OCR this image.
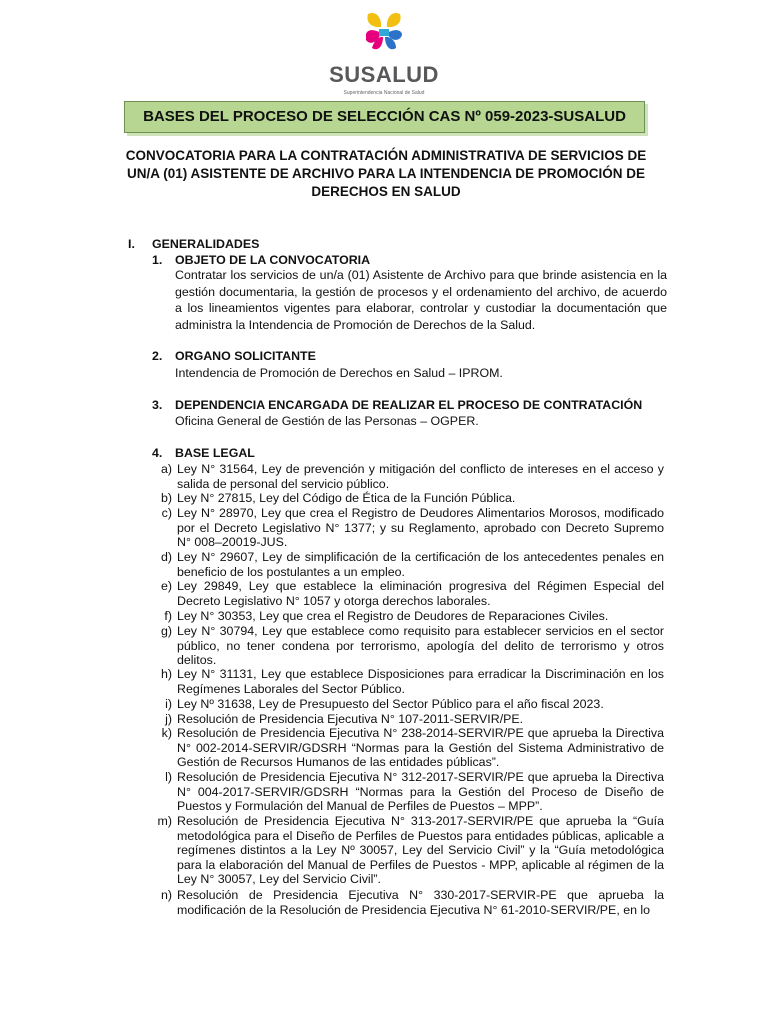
SUSALUD
Superintendencia Nacional de Salud
BASES DEL PROCESO DE SELECCIÓN CAS Nº 059-2023-SUSALUD
CONVOCATORIA PARA LA CONTRATACIÓN ADMINISTRATIVA DE SERVICIOS DE UN/A (01) ASISTENTE DE ARCHIVO PARA LA INTENDENCIA DE PROMOCIÓN DE DERECHOS EN SALUD
I. GENERALIDADES
1. OBJETO DE LA CONVOCATORIA
Contratar los servicios de un/a (01) Asistente de Archivo para que brinde asistencia en la gestión documentaria, la gestión de procesos y el ordenamiento del archivo, de acuerdo a los lineamientos vigentes para elaborar, controlar y custodiar la documentación que administra la Intendencia de Promoción de Derechos de la Salud.
2. ORGANO SOLICITANTE
Intendencia de Promoción de Derechos en Salud – IPROM.
3. DEPENDENCIA ENCARGADA DE REALIZAR EL PROCESO DE CONTRATACIÓN
Oficina General de Gestión de las Personas – OGPER.
4. BASE LEGAL
a) Ley N° 31564, Ley de prevención y mitigación del conflicto de intereses en el acceso y salida de personal del servicio público.
b) Ley N° 27815, Ley del Código de Ética de la Función Pública.
c) Ley N° 28970, Ley que crea el Registro de Deudores Alimentarios Morosos, modificado por el Decreto Legislativo N° 1377; y su Reglamento, aprobado con Decreto Supremo N° 008–20019-JUS.
d) Ley N° 29607, Ley de simplificación de la certificación de los antecedentes penales en beneficio de los postulantes a un empleo.
e) Ley 29849, Ley que establece la eliminación progresiva del Régimen Especial del Decreto Legislativo N° 1057 y otorga derechos laborales.
f) Ley N° 30353, Ley que crea el Registro de Deudores de Reparaciones Civiles.
g) Ley N° 30794, Ley que establece como requisito para establecer servicios en el sector público, no tener condena por terrorismo, apología del delito de terrorismo y otros delitos.
h) Ley N° 31131, Ley que establece Disposiciones para erradicar la Discriminación en los Regímenes Laborales del Sector Público.
i) Ley Nº 31638, Ley de Presupuesto del Sector Público para el año fiscal 2023.
j) Resolución de Presidencia Ejecutiva N° 107-2011-SERVIR/PE.
k) Resolución de Presidencia Ejecutiva N° 238-2014-SERVIR/PE que aprueba la Directiva N° 002-2014-SERVIR/GDSRH “Normas para la Gestión del Sistema Administrativo de Gestión de Recursos Humanos de las entidades públicas”.
l) Resolución de Presidencia Ejecutiva N° 312-2017-SERVIR/PE que aprueba la Directiva N° 004-2017-SERVIR/GDSRH “Normas para la Gestión del Proceso de Diseño de Puestos y Formulación del Manual de Perfiles de Puestos – MPP”.
m) Resolución de Presidencia Ejecutiva N° 313-2017-SERVIR/PE que aprueba la “Guía metodológica para el Diseño de Perfiles de Puestos para entidades públicas, aplicable a regímenes distintos a la Ley Nº 30057, Ley del Servicio Civil” y la “Guía metodológica para la elaboración del Manual de Perfiles de Puestos - MPP, aplicable al régimen de la Ley N° 30057, Ley del Servicio Civil”.
n) Resolución de Presidencia Ejecutiva N° 330-2017-SERVIR-PE que aprueba la modificación de la Resolución de Presidencia Ejecutiva N° 61-2010-SERVIR/PE, en lo
